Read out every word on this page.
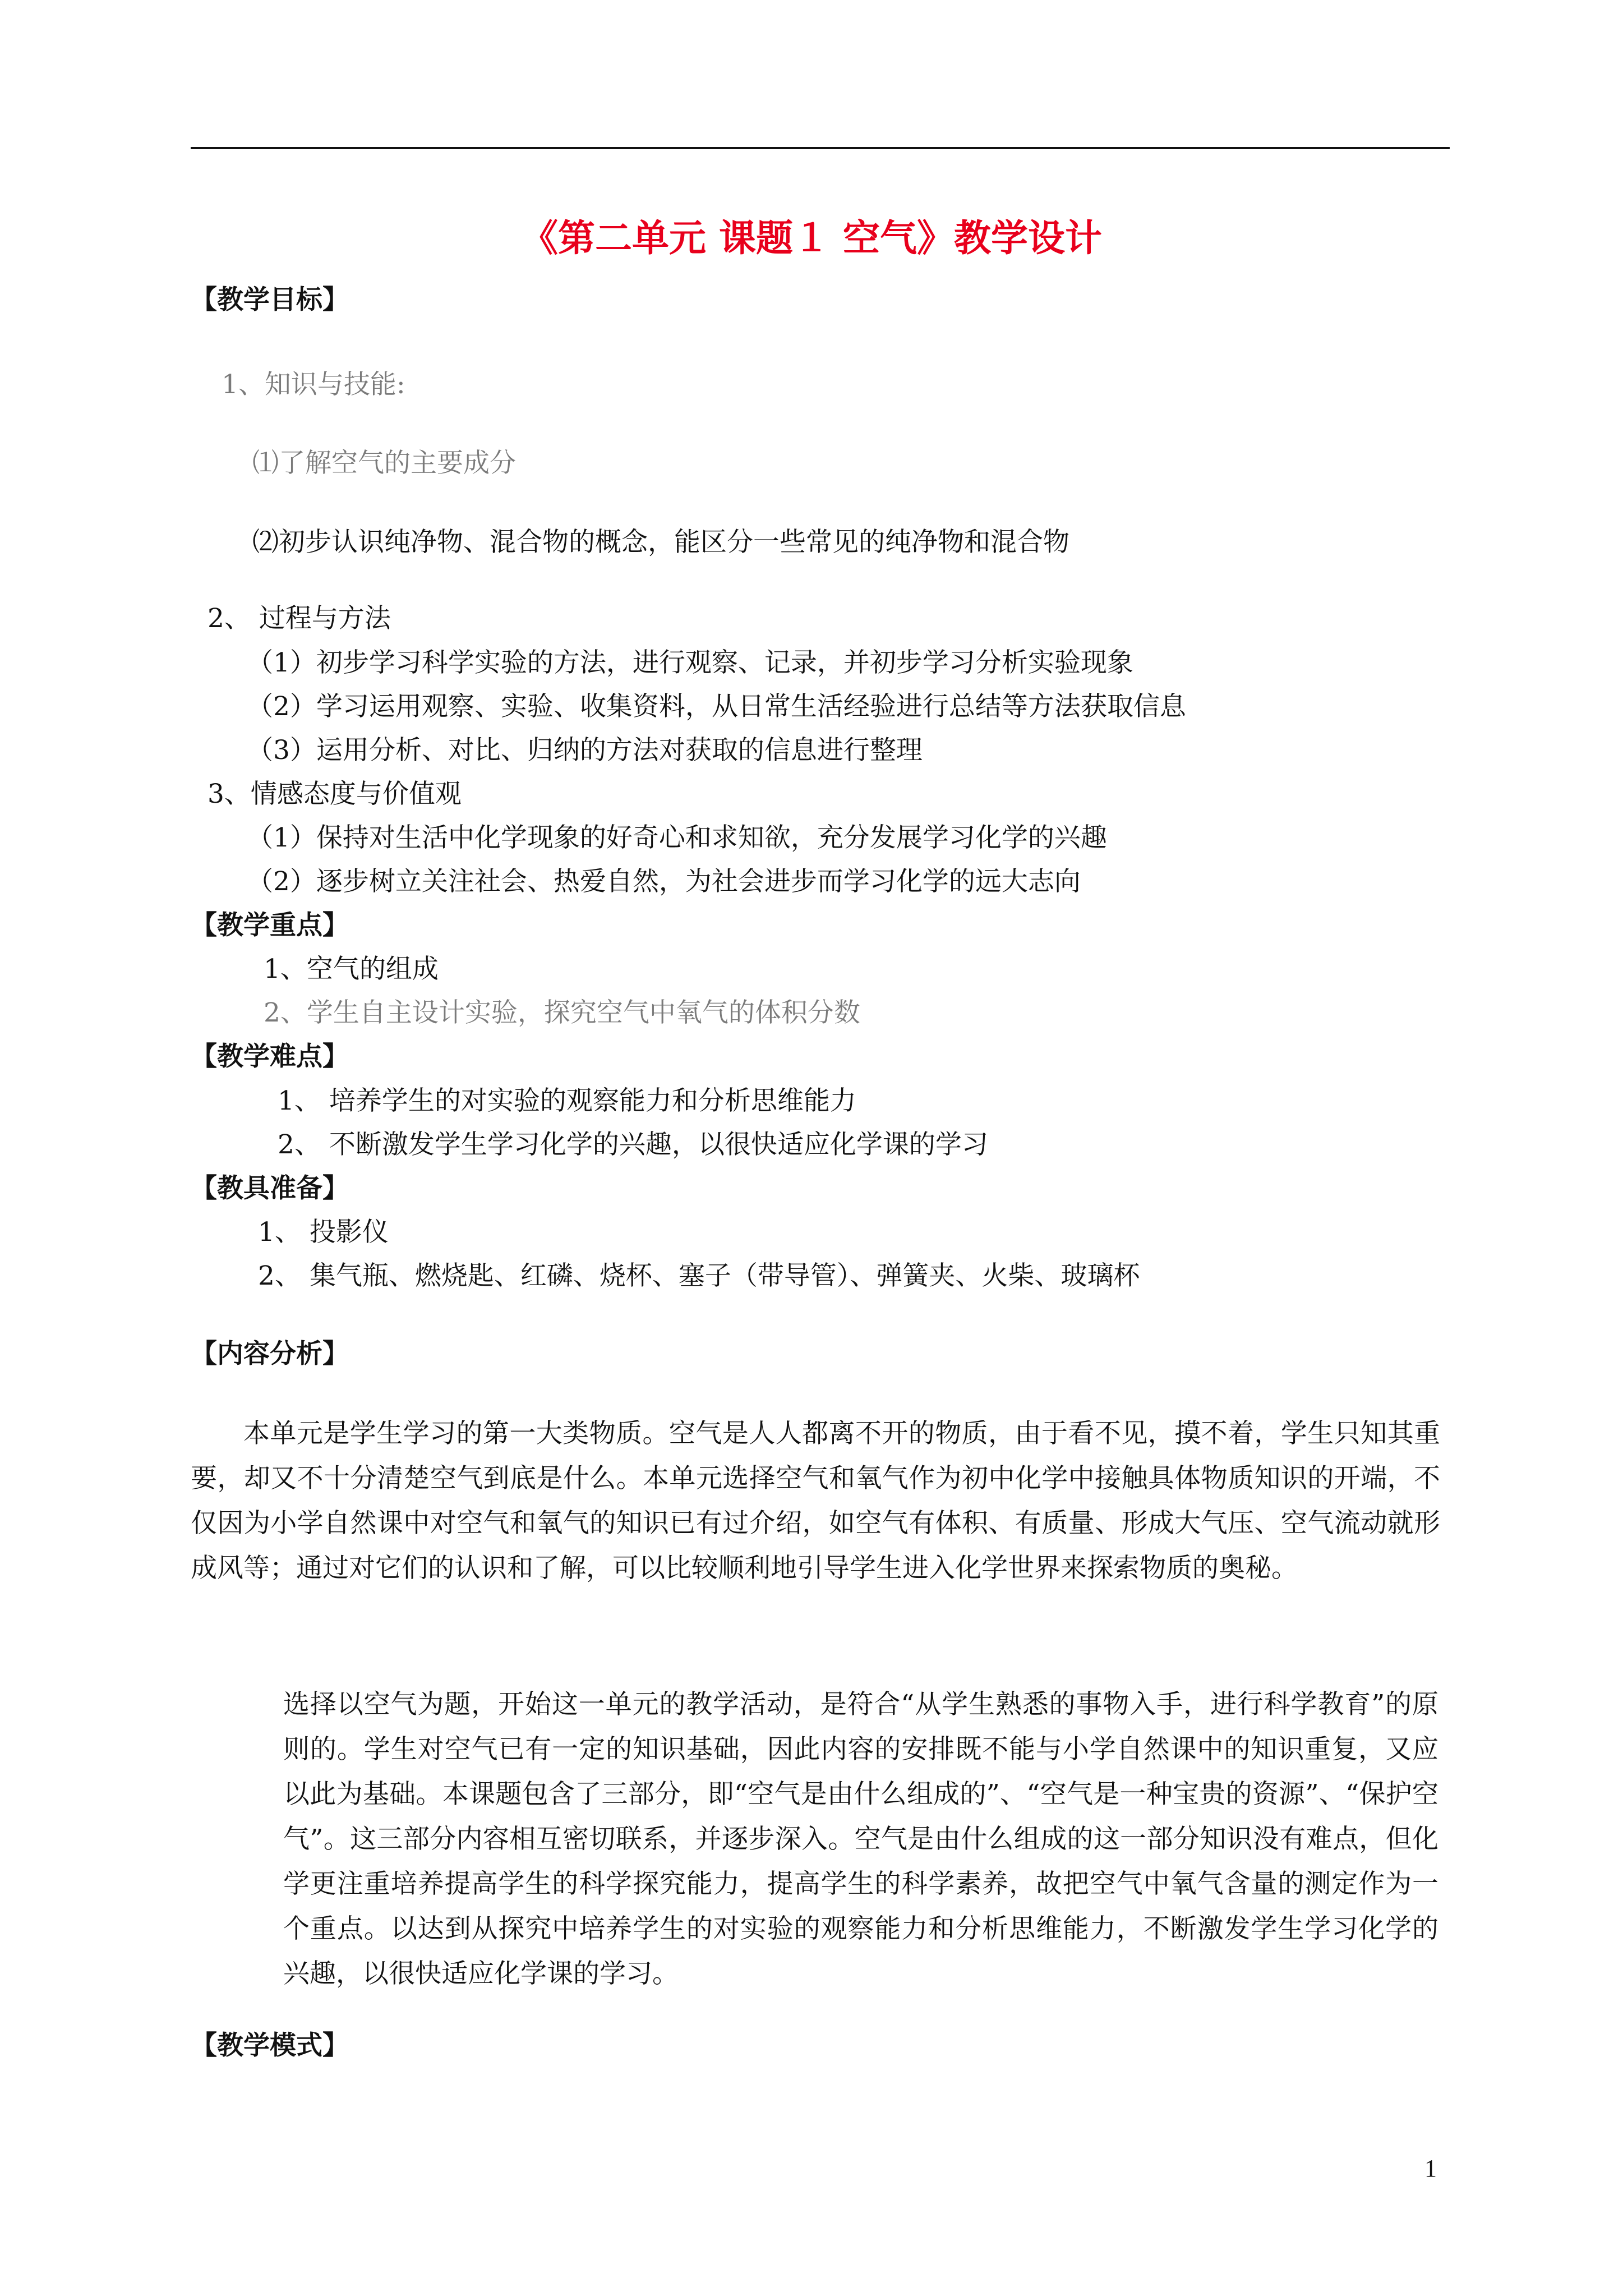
《第二单元 课题１ 空气》教学设计
【教学目标】
1、知识与技能:
⑴了解空气的主要成分
⑵初步认识纯净物、混合物的概念，能区分一些常见的纯净物和混合物
2、 过程与方法
（1）初步学习科学实验的方法，进行观察、记录，并初步学习分析实验现象
（2）学习运用观察、实验、收集资料，从日常生活经验进行总结等方法获取信息
（3）运用分析、对比、归纳的方法对获取的信息进行整理
3、情感态度与价值观
（1）保持对生活中化学现象的好奇心和求知欲，充分发展学习化学的兴趣
（2）逐步树立关注社会、热爱自然，为社会进步而学习化学的远大志向
【教学重点】
1、空气的组成
2、学生自主设计实验，探究空气中氧气的体积分数
【教学难点】
1、 培养学生的对实验的观察能力和分析思维能力
2、 不断激发学生学习化学的兴趣，以很快适应化学课的学习
【教具准备】
1、 投影仪
2、 集气瓶、燃烧匙、红磷、烧杯、塞子（带导管）、弹簧夹、火柴、玻璃杯
【内容分析】
本单元是学生学习的第一大类物质。空气是人人都离不开的物质，由于看不见，摸不着，学生只知其重要，却又不十分清楚空气到底是什么。本单元选择空气和氧气作为初中化学中接触具体物质知识的开端，不仅因为小学自然课中对空气和氧气的知识已有过介绍，如空气有体积、有质量、形成大气压、空气流动就形成风等；通过对它们的认识和了解，可以比较顺利地引导学生进入化学世界来探索物质的奥秘。
选择以空气为题，开始这一单元的教学活动，是符合“从学生熟悉的事物入手，进行科学教育”的原则的。学生对空气已有一定的知识基础，因此内容的安排既不能与小学自然课中的知识重复，又应以此为基础。本课题包含了三部分，即“空气是由什么组成的”、“空气是一种宝贵的资源”、“保护空气”。这三部分内容相互密切联系，并逐步深入。空气是由什么组成的这一部分知识没有难点，但化学更注重培养提高学生的科学探究能力，提高学生的科学素养，故把空气中氧气含量的测定作为一个重点。以达到从探究中培养学生的对实验的观察能力和分析思维能力，不断激发学生学习化学的兴趣，以很快适应化学课的学习。
【教学模式】
1
